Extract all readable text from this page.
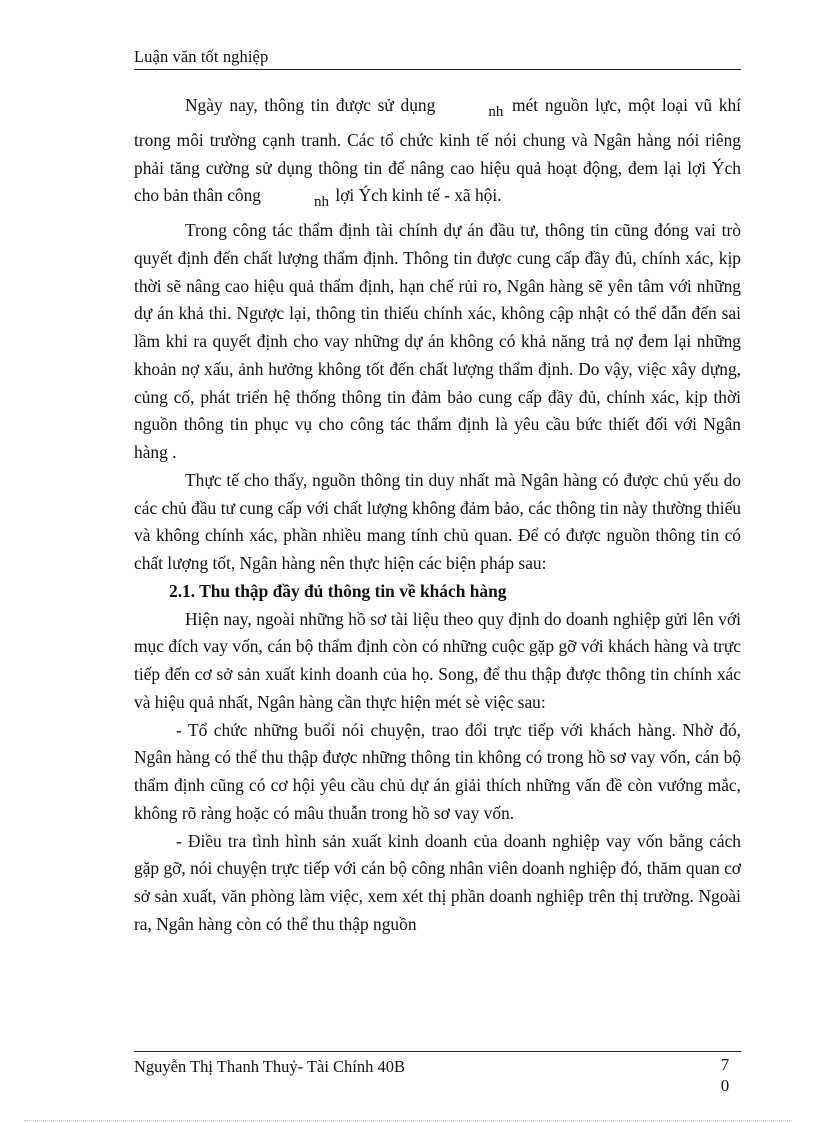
Luận văn tốt nghiệp

Ngày nay, thông tin được sử dụng	nh mét nguồn lực, một loại vũ khí trong môi trường cạnh tranh. Các tổ chức kinh tế nói chung và Ngân hàng nói riêng phải tăng cường sử dụng thông tin để nâng cao hiệu quả hoạt động, đem lại lợi Ých cho bản thân công	nh lợi Ých kinh tế - xã hội.

Trong công tác thẩm định tài chính dự án đầu tư, thông tin cũng đóng vai trò quyết định đến chất lượng thẩm định. Thông tin được cung cấp đầy đủ, chính xác, kịp thời sẽ nâng cao hiệu quả thẩm định, hạn chế rủi ro, Ngân hàng sẽ yên tâm với những dự án khả thi. Ngược lại, thông tin thiếu chính xác, không cập nhật có thể dẫn đến sai lầm khi ra quyết định cho vay những dự án không có khả năng trả nợ đem lại những khoản nợ xấu, ảnh hưởng không tốt đến chất lượng thẩm định. Do vậy, việc xây dựng, củng cố, phát triển hệ thống thông tin đảm bảo cung cấp đầy đủ, chính xác, kịp thời nguồn thông tin phục vụ cho công tác thẩm định là yêu cầu bức thiết đối với Ngân hàng .

Thực tế cho thấy, nguồn thông tin duy nhất mà Ngân hàng có được chủ yếu do các chủ đầu tư cung cấp với chất lượng không đảm bảo, các thông tin này thường thiếu và không chính xác, phần nhiều mang tính chủ quan. Để có được nguồn thông tin có chất lượng tốt, Ngân hàng nên thực hiện các biện pháp sau:

2.1. Thu thập đầy đủ thông tin về khách hàng

Hiện nay, ngoài những hồ sơ tài liệu theo quy định do doanh nghiệp gửi lên với mục đích vay vốn, cán bộ thẩm định còn có những cuộc gặp gỡ với khách hàng và trực tiếp đến cơ sở sản xuất kinh doanh của họ. Song, để thu thập được thông tin chính xác và hiệu quả nhất, Ngân hàng cần thực hiện mét sè việc sau:

- Tổ chức những buổi nói chuyện, trao đổi trực tiếp với khách hàng. Nhờ đó, Ngân hàng có thể thu thập được những thông tin không có trong hồ sơ vay vốn, cán bộ thẩm định cũng có cơ hội yêu cầu chủ dự án giải thích những vấn đề còn vướng mắc, không rõ ràng hoặc có mâu thuẫn trong hồ sơ vay vốn.

- Điều tra tình hình sản xuất kinh doanh của doanh nghiệp vay vốn bằng cách gặp gỡ, nói chuyện trực tiếp với cán bộ công nhân viên doanh nghiệp đó, thăm quan cơ sở sản xuất, văn phòng làm việc, xem xét thị phần doanh nghiệp trên thị trường. Ngoài ra, Ngân hàng còn có thể thu thập nguồn

Nguyễn Thị Thanh Thuỷ- Tài Chính 40B	7
0
